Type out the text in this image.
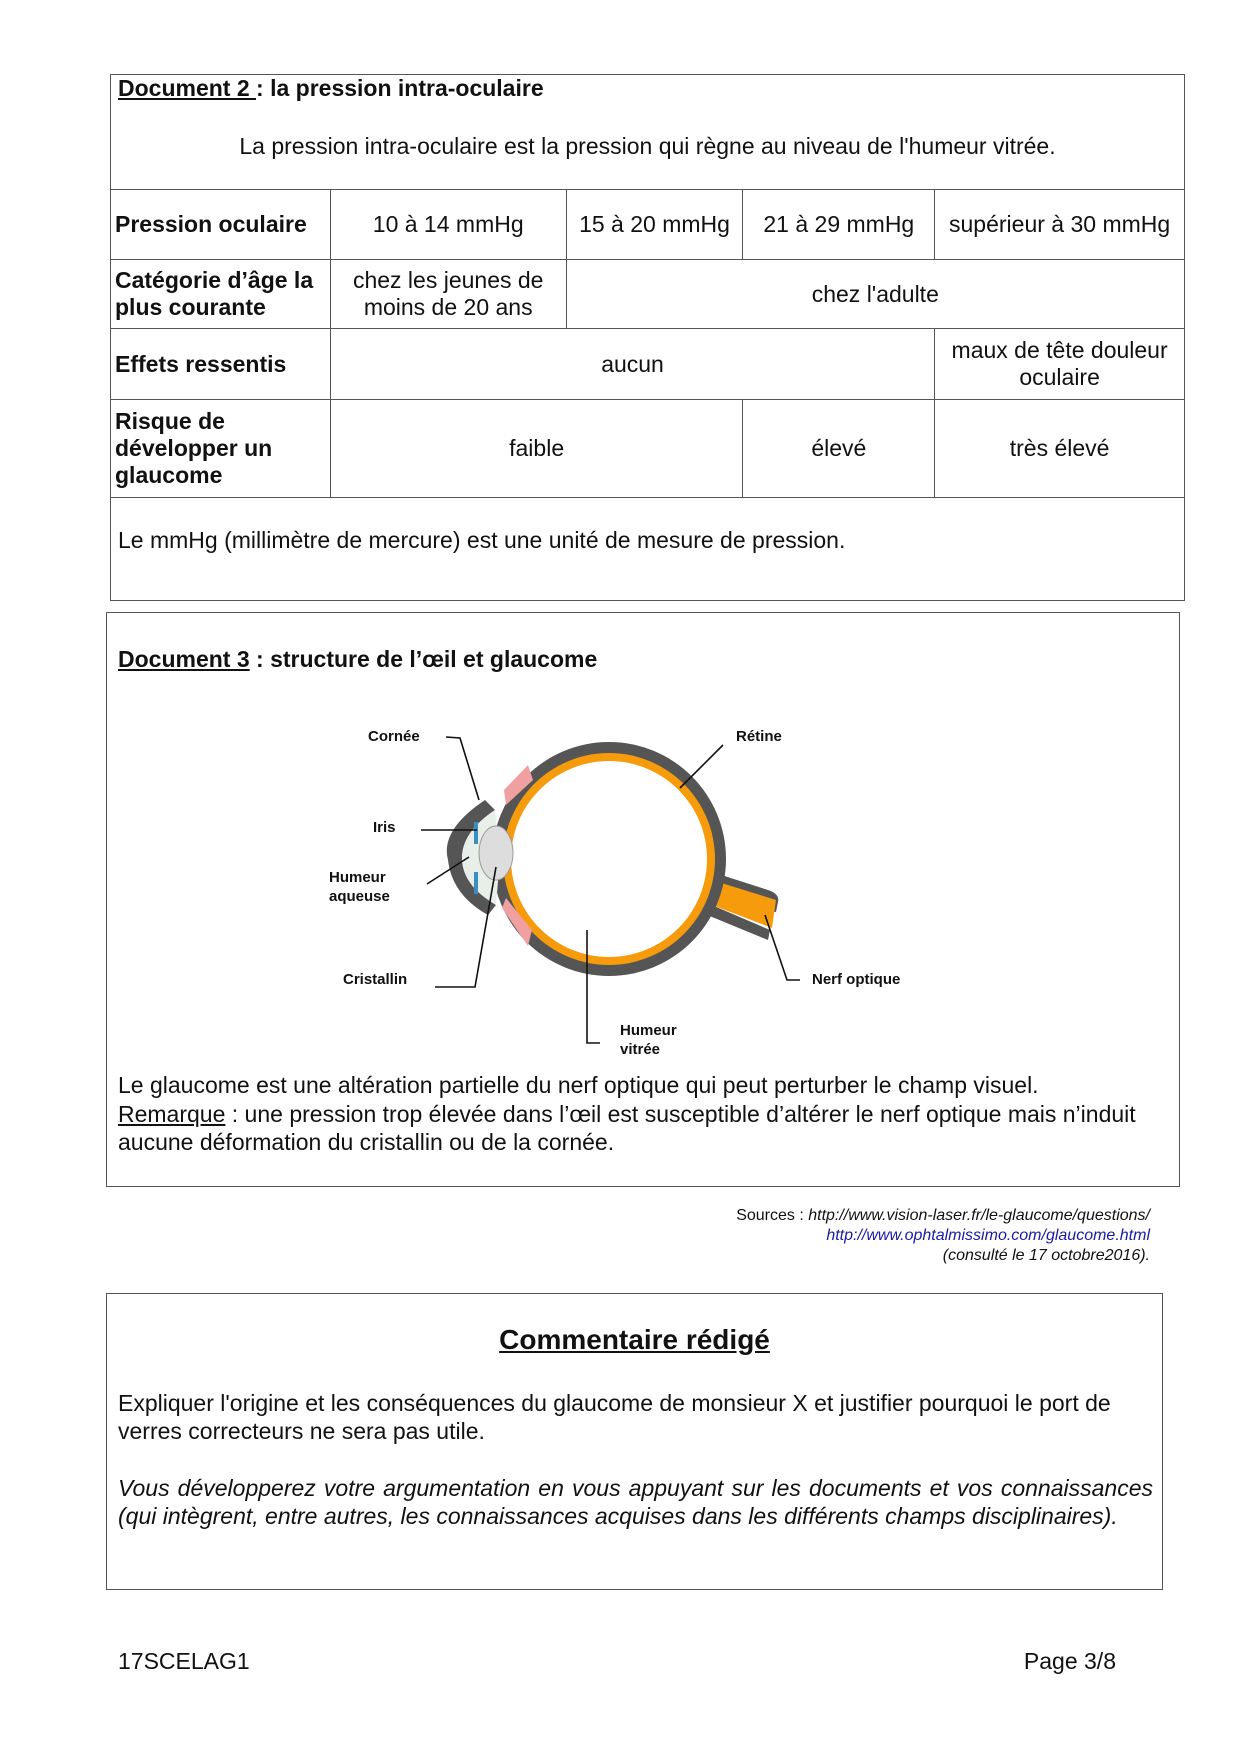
Document 2 : la pression intra-oculaire
La pression intra-oculaire est la pression qui règne au niveau de l'humeur vitrée.
Pression oculaire	10 à 14 mmHg	15 à 20 mmHg	21 à 29 mmHg	supérieur à 30 mmHg
Catégorie d’âge la plus courante	chez les jeunes de moins de 20 ans	chez l'adulte		
Effets ressentis	aucun			maux de tête douleur oculaire
Risque de développer un glaucome	faible		élevé	très élevé
Le mmHg (millimètre de mercure) est une unité de mesure de pression.
Document 3 : structure de l’œil et glaucome
Cornée	Rétine
Iris
Humeur
aqueuse
Cristallin	Nerf optique
Humeur
vitrée
Le glaucome est une altération partielle du nerf optique qui peut perturber le champ visuel.
Remarque : une pression trop élevée dans l’œil est susceptible d’altérer le nerf optique mais n’induit aucune déformation du cristallin ou de la cornée.
Sources : http://www.vision-laser.fr/le-glaucome/questions/
http://www.ophtalmissimo.com/glaucome.html
(consulté le 17 octobre2016).
Commentaire rédigé
Expliquer l'origine et les conséquences du glaucome de monsieur X et justifier pourquoi le port de verres correcteurs ne sera pas utile.
Vous développerez votre argumentation en vous appuyant sur les documents et vos connaissances (qui intègrent, entre autres, les connaissances acquises dans les différents champs disciplinaires).
17SCELAG1	Page 3/8
